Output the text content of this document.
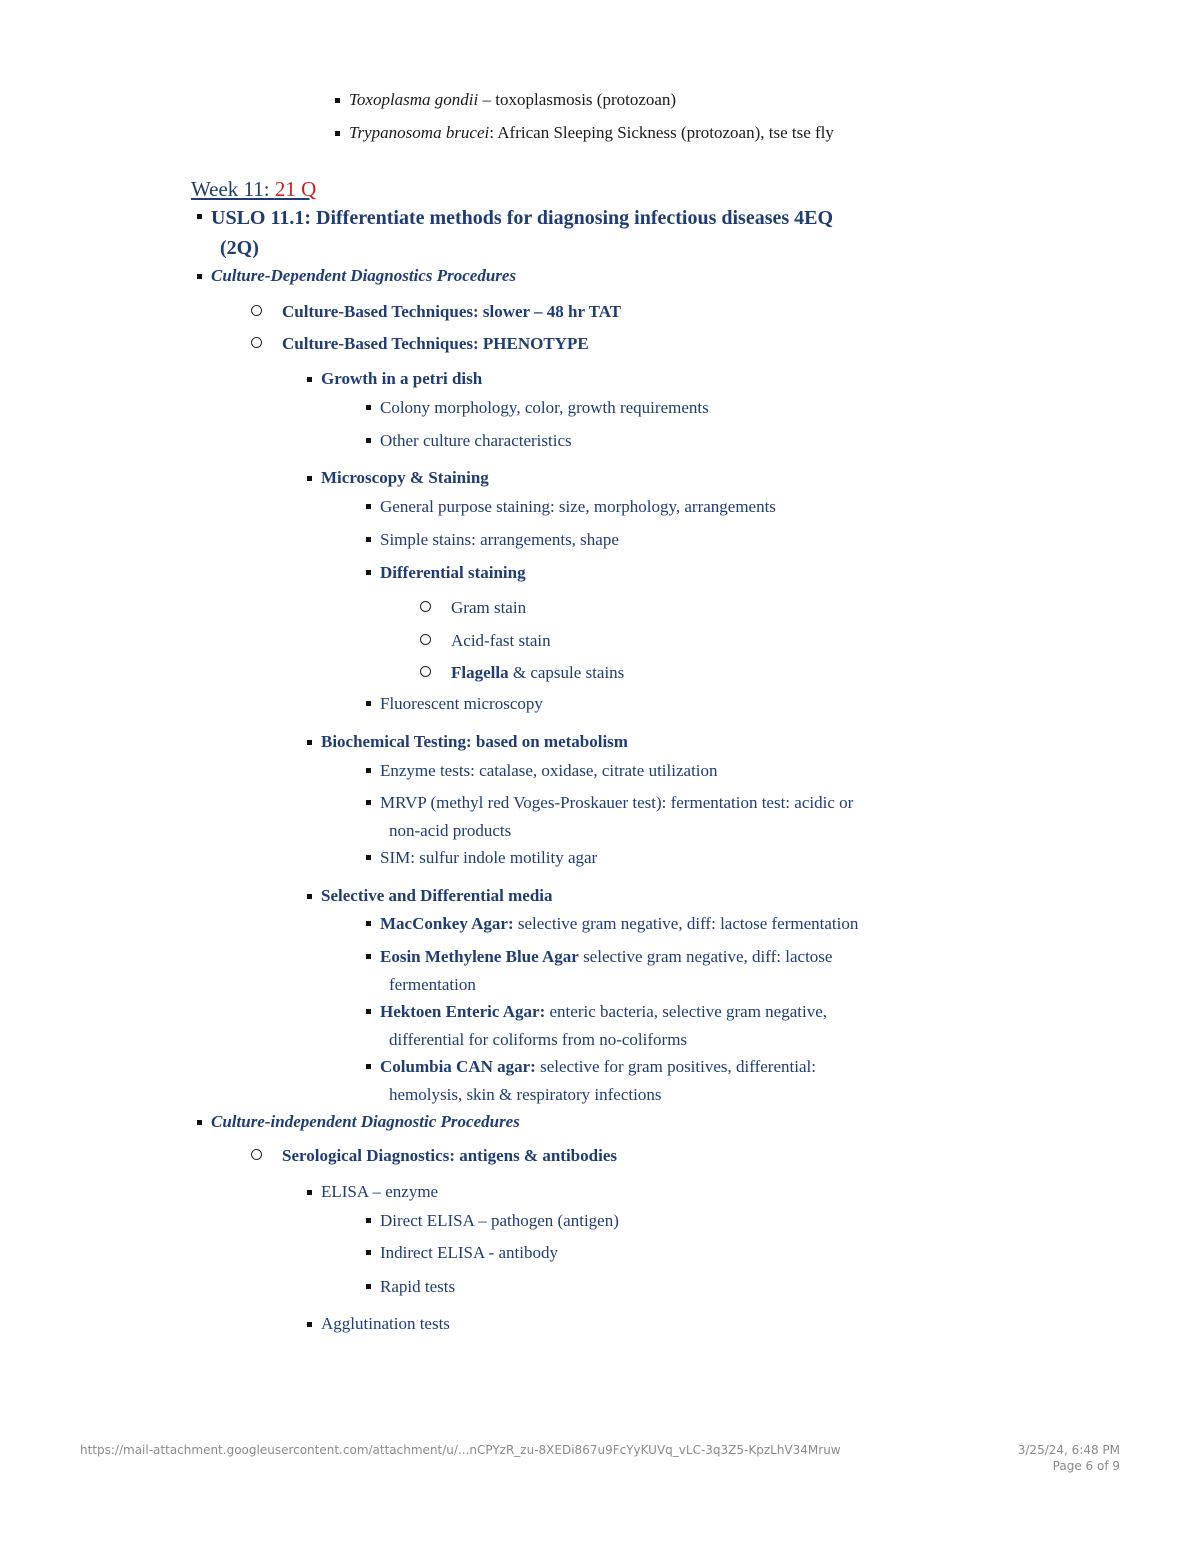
Toxoplasma gondii – toxoplasmosis (protozoan)
Trypanosoma brucei: African Sleeping Sickness (protozoan), tse tse fly
Week 11: 21 Q
USLO 11.1: Differentiate methods for diagnosing infectious diseases 4EQ
(2Q)
Culture-Dependent Diagnostics Procedures
Culture-Based Techniques: slower – 48 hr TAT
Culture-Based Techniques: PHENOTYPE
Growth in a petri dish
Colony morphology, color, growth requirements
Other culture characteristics
Microscopy & Staining
General purpose staining: size, morphology, arrangements
Simple stains: arrangements, shape
Differential staining
Gram stain
Acid-fast stain
Flagella & capsule stains
Fluorescent microscopy
Biochemical Testing: based on metabolism
Enzyme tests: catalase, oxidase, citrate utilization
MRVP (methyl red Voges-Proskauer test): fermentation test: acidic or
non-acid products
SIM: sulfur indole motility agar
Selective and Differential media
MacConkey Agar: selective gram negative, diff: lactose fermentation
Eosin Methylene Blue Agar selective gram negative, diff: lactose
fermentation
Hektoen Enteric Agar: enteric bacteria, selective gram negative,
differential for coliforms from no-coliforms
Columbia CAN agar: selective for gram positives, differential:
hemolysis, skin & respiratory infections
Culture-independent Diagnostic Procedures
Serological Diagnostics: antigens & antibodies
ELISA – enzyme
Direct ELISA – pathogen (antigen)
Indirect ELISA - antibody
Rapid tests
Agglutination tests
https://mail-attachment.googleusercontent.com/attachment/u/...nCPYzR_zu-8XEDi867u9FcYyKUVq_vLC-3q3Z5-KpzLhV34Mruw	3/25/24, 6:48 PM
Page 6 of 9
